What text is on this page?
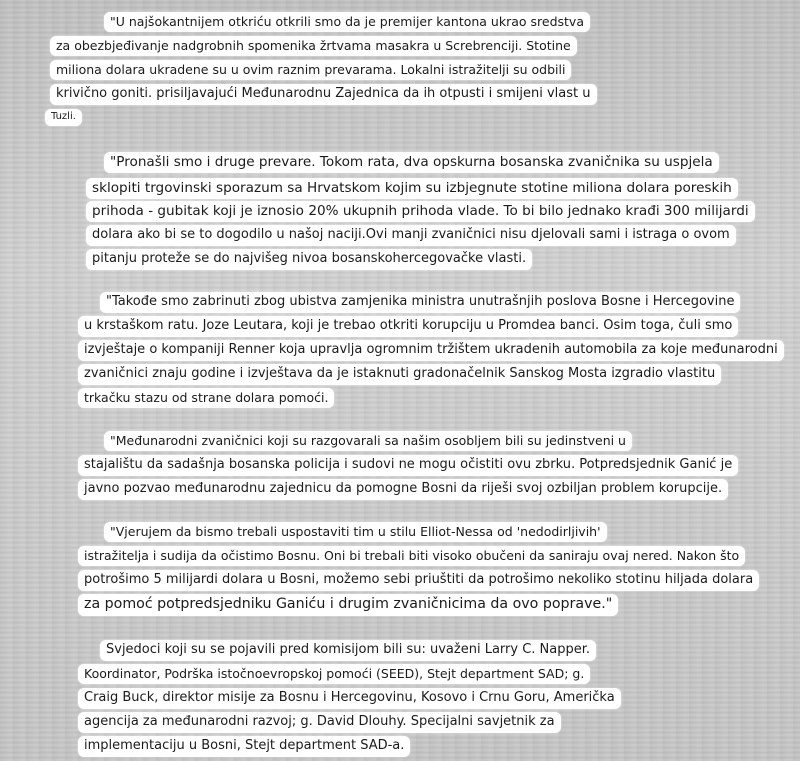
"U najšokantnijem otkriću otkrili smo da je premijer kantona ukrao sredstva
za obezbjeđivanje nadgrobnih spomenika žrtvama masakra u Screbrenciji. Stotine
miliona dolara ukradene su u ovim raznim prevarama. Lokalni istražitelji su odbili
krivično goniti. prisiljavajući Međunarodnu Zajednica da ih otpusti i smijeni vlast u
Tuzli.
"Pronašli smo i druge prevare. Tokom rata, dva opskurna bosanska zvaničnika su uspjela
sklopiti trgovinski sporazum sa Hrvatskom kojim su izbjegnute stotine miliona dolara poreskih
prihoda - gubitak koji je iznosio 20% ukupnih prihoda vlade. To bi bilo jednako krađi 300 milijardi
dolara ako bi se to dogodilo u našoj naciji.Ovi manji zvaničnici nisu djelovali sami i istraga o ovom
pitanju proteže se do najvišeg nivoa bosanskohercegovačke vlasti.
"Takođe smo zabrinuti zbog ubistva zamjenika ministra unutrašnjih poslova Bosne i Hercegovine
u krstaškom ratu. Joze Leutara, koji je trebao otkriti korupciju u Promdea banci. Osim toga, čuli smo
izvještaje o kompaniji Renner koja upravlja ogromnim tržištem ukradenih automobila za koje međunarodni
zvaničnici znaju godine i izvještava da je istaknuti gradonačelnik Sanskog Mosta izgradio vlastitu
trkačku stazu od strane dolara pomoći.
"Međunarodni zvaničnici koji su razgovarali sa našim osobljem bili su jedinstveni u
stajalištu da sadašnja bosanska policija i sudovi ne mogu očistiti ovu zbrku. Potpredsjednik Ganić je
javno pozvao međunarodnu zajednicu da pomogne Bosni da riješi svoj ozbiljan problem korupcije.
"Vjerujem da bismo trebali uspostaviti tim u stilu Elliot-Nessa od 'nedodirljivih'
istražitelja i sudija da očistimo Bosnu. Oni bi trebali biti visoko obučeni da saniraju ovaj nered. Nakon što
potrošimo 5 milijardi dolara u Bosni, možemo sebi priuštiti da potrošimo nekoliko stotinu hiljada dolara
za pomoć potpredsjedniku Ganiću i drugim zvaničnicima da ovo poprave."
Svjedoci koji su se pojavili pred komisijom bili su: uvaženi Larry C. Napper.
Koordinator, Podrška istočnoevropskoj pomoći (SEED), Stejt department SAD; g.
Craig Buck, direktor misije za Bosnu i Hercegovinu, Kosovo i Crnu Goru, Američka
agencija za međunarodni razvoj; g. David Dlouhy. Specijalni savjetnik za
implementaciju u Bosni, Stejt department SAD-a.
